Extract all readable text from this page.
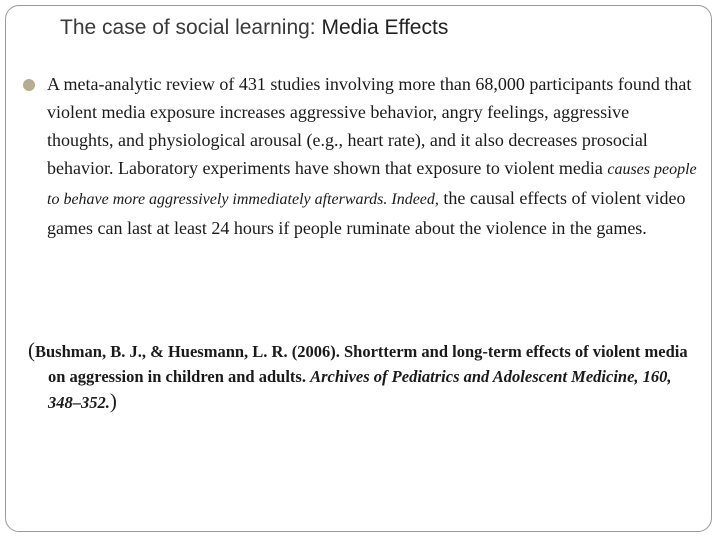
The case of social learning: Media Effects
A meta-analytic review of 431 studies involving more than 68,000 participants found that violent media exposure increases aggressive behavior, angry feelings, aggressive thoughts, and physiological arousal (e.g., heart rate), and it also decreases prosocial behavior. Laboratory experiments have shown that exposure to violent media causes people to behave more aggressively immediately afterwards. Indeed, the causal effects of violent video games can last at least 24 hours if people ruminate about the violence in the games.
(Bushman, B. J., & Huesmann, L. R. (2006). Shortterm and long-term effects of violent media on aggression in children and adults. Archives of Pediatrics and Adolescent Medicine, 160, 348–352.)
